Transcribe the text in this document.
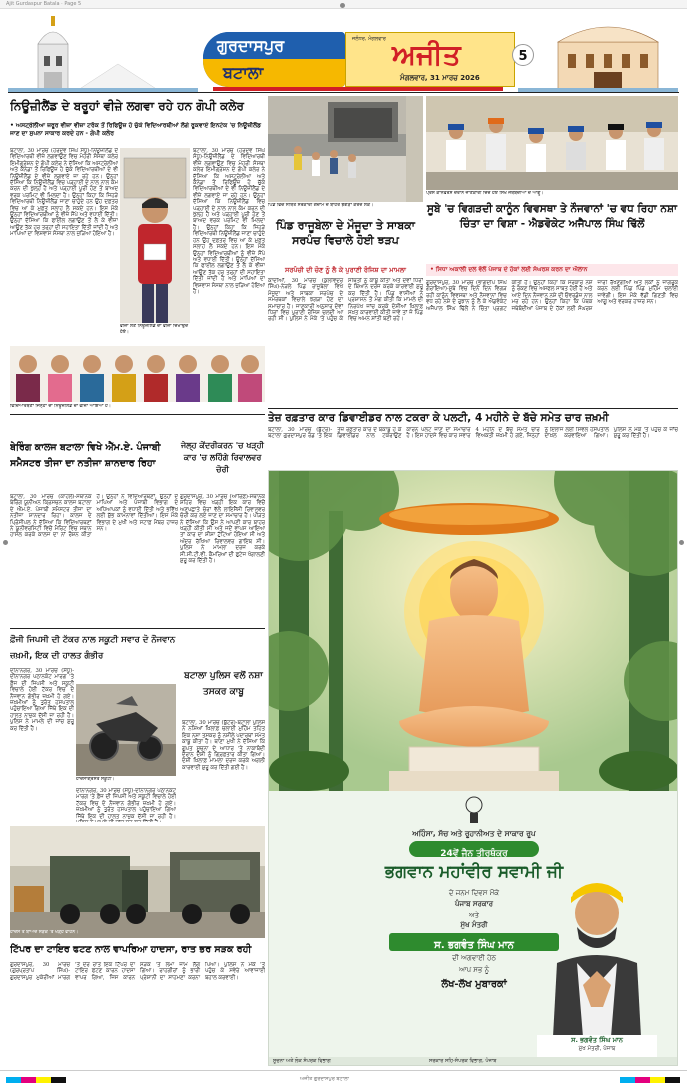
Ajit Gurdaspur Batala · Page 5
ਗੁਰਦਾਸਪੁਰ
ਬਟਾਲਾ
ਜਲੰਧਰ, ਮੰਗਲਵਾਰ ਅਜੀਤ
ਮੰਗਲਵਾਰ, 31 ਮਾਰਚ 2026
5
ਨਿਊਜ਼ੀਲੈਂਡ ਦੇ ਬਰੂਹਾਂ ਵੀਜ਼ੇ ਲਗਵਾ ਰਹੇ ਹਨ ਗੋਪੀ ਕਲੇਰ
• ਅਸਟ੍ਰੇਲੀਆ ਜ਼ਰੂਰ ਵੀਜ਼ਾ ਵੀਜ਼ਾ ਟਰੱਕ ਤੋਂ ਰਿਫਿਊਜ਼ ਹੋ ਚੁੱਕੇ ਵਿਦਿਆਰਥੀਆਂ ਲੱਗੇ ਰੂਕਵਾਏ ਇਨਟੇਕ 'ਚ ਨਿਊਜ਼ੀਲੈਂਡ ਜਾਣ ਦਾ ਸੁਪਨਾ ਸਾਕਾਰ ਕਰਦੇ ਹਨ - ਗੋਪੀ ਕਲੇਰ
ਬਟਾਲਾ, 30 ਮਾਰਚ (ਹਰਦੇਵ ਸਿੰਘ ਸੰਧੂ)-ਨਿਊਜ਼ੀਲੈਂਡ ਦੇ ਵਿਦਿਆਰਥੀ ਵੀਜ਼ੇ ਲਗਵਾਉਣ ਵਿਚ ਮੋਹਰੀ ਸੰਸਥਾ ਕਲੇਰ ਇਮੀਗ੍ਰੇਸ਼ਨ ਦੇ ਗੋਪੀ ਕਲੇਰ ਨੇ ਦੱਸਿਆ ਕਿ ਅਸਟ੍ਰੇਲੀਆ ਅਤੇ ਕੈਨੇਡਾ ਤੋਂ ਰਿਫਿਊਜ਼ ਹੋ ਚੁੱਕੇ ਵਿਦਿਆਰਥੀਆਂ ਦੇ ਵੀ ਨਿਊਜ਼ੀਲੈਂਡ ਦੇ ਵੀਜ਼ੇ ਲਗਵਾਏ ਜਾ ਰਹੇ ਹਨ। ਉਨ੍ਹਾਂ ਦੱਸਿਆ ਕਿ ਨਿਊਜ਼ੀਲੈਂਡ ਵਿਚ ਪੜ੍ਹਾਈ ਦੇ ਨਾਲ ਨਾਲ ਕੰਮ ਕਰਨ ਦੀ ਖੁੱਲ੍ਹ ਹੈ ਅਤੇ ਪੜ੍ਹਾਈ ਪੂਰੀ ਹੋਣ ਤੋਂ ਬਾਅਦ ਵਰਕ ਪਰਮਿਟ ਵੀ ਮਿਲਦਾ ਹੈ। ਉਨ੍ਹਾਂ ਕਿਹਾ ਕਿ ਜਿਹੜੇ ਵਿਦਿਆਰਥੀ ਨਿਊਜ਼ੀਲੈਂਡ ਜਾਣਾ ਚਾਹੁੰਦੇ ਹਨ ਉਹ ਦਫ਼ਤਰ ਵਿਚ ਆ ਕੇ ਮੁਫ਼ਤ ਸਲਾਹ ਲੈ ਸਕਦੇ ਹਨ। ਇਸ ਮੌਕੇ ਉਨ੍ਹਾਂ ਵਿਦਿਆਰਥੀਆਂ ਨੂੰ ਵੀਜ਼ੇ ਸੌਂਪੇ ਅਤੇ ਵਧਾਈ ਦਿੱਤੀ। ਉਨ੍ਹਾਂ ਦੱਸਿਆ ਕਿ ਫਾਈਲ ਲਗਾਉਣ ਤੋਂ ਲੈ ਕੇ ਵੀਜ਼ਾ ਆਉਣ ਤੱਕ ਹਰ ਤਰ੍ਹਾਂ ਦੀ ਸਹਾਇਤਾ ਦਿੱਤੀ ਜਾਂਦੀ ਹੈ ਅਤੇ ਮਾਪਿਆਂ ਦਾ ਵਿਸ਼ਵਾਸ ਸੰਸਥਾ ਨਾਲ ਜੁੜਿਆ ਹੋਇਆ ਹੈ।
ਵੀਜ਼ਾ ਲੈਣ ਨਿਊਜ਼ੀਲੈਂਡ ਦਾ ਵੀਜ਼ਾ ਦਿਖਾਉਂਦੇ ਹੋਏ।
ਬਟਾਲਾ, 30 ਮਾਰਚ (ਹਰਦੇਵ ਸਿੰਘ ਸੰਧੂ)-ਨਿਊਜ਼ੀਲੈਂਡ ਦੇ ਵਿਦਿਆਰਥੀ ਵੀਜ਼ੇ ਲਗਵਾਉਣ ਵਿਚ ਮੋਹਰੀ ਸੰਸਥਾ ਕਲੇਰ ਇਮੀਗ੍ਰੇਸ਼ਨ ਦੇ ਗੋਪੀ ਕਲੇਰ ਨੇ ਦੱਸਿਆ ਕਿ ਅਸਟ੍ਰੇਲੀਆ ਅਤੇ ਕੈਨੇਡਾ ਤੋਂ ਰਿਫਿਊਜ਼ ਹੋ ਚੁੱਕੇ ਵਿਦਿਆਰਥੀਆਂ ਦੇ ਵੀ ਨਿਊਜ਼ੀਲੈਂਡ ਦੇ ਵੀਜ਼ੇ ਲਗਵਾਏ ਜਾ ਰਹੇ ਹਨ। ਉਨ੍ਹਾਂ ਦੱਸਿਆ ਕਿ ਨਿਊਜ਼ੀਲੈਂਡ ਵਿਚ ਪੜ੍ਹਾਈ ਦੇ ਨਾਲ ਨਾਲ ਕੰਮ ਕਰਨ ਦੀ ਖੁੱਲ੍ਹ ਹੈ ਅਤੇ ਪੜ੍ਹਾਈ ਪੂਰੀ ਹੋਣ ਤੋਂ ਬਾਅਦ ਵਰਕ ਪਰਮਿਟ ਵੀ ਮਿਲਦਾ ਹੈ। ਉਨ੍ਹਾਂ ਕਿਹਾ ਕਿ ਜਿਹੜੇ ਵਿਦਿਆਰਥੀ ਨਿਊਜ਼ੀਲੈਂਡ ਜਾਣਾ ਚਾਹੁੰਦੇ ਹਨ ਉਹ ਦਫ਼ਤਰ ਵਿਚ ਆ ਕੇ ਮੁਫ਼ਤ ਸਲਾਹ ਲੈ ਸਕਦੇ ਹਨ। ਇਸ ਮੌਕੇ ਉਨ੍ਹਾਂ ਵਿਦਿਆਰਥੀਆਂ ਨੂੰ ਵੀਜ਼ੇ ਸੌਂਪੇ ਅਤੇ ਵਧਾਈ ਦਿੱਤੀ। ਉਨ੍ਹਾਂ ਦੱਸਿਆ ਕਿ ਫਾਈਲ ਲਗਾਉਣ ਤੋਂ ਲੈ ਕੇ ਵੀਜ਼ਾ ਆਉਣ ਤੱਕ ਹਰ ਤਰ੍ਹਾਂ ਦੀ ਸਹਾਇਤਾ ਦਿੱਤੀ ਜਾਂਦੀ ਹੈ ਅਤੇ ਮਾਪਿਆਂ ਦਾ ਵਿਸ਼ਵਾਸ ਸੰਸਥਾ ਨਾਲ ਜੁੜਿਆ ਹੋਇਆ ਹੈ।
ਵਿਦਿਆਰਥਣਾਂ ਜਿਨ੍ਹਾਂ ਦਾ ਨਿਊਜ਼ੀਲੈਂਡ ਦਾ ਵੀਜ਼ਾ ਆਇਆ ਹੈ।
ਪਿੰਡ ਵਿਚ ਸਥਿਤ ਸਰਕਾਰੀ ਗੋਦਾਮ ਦੇ ਬਾਹਰ ਝਗੜਾ ਕਰਦੇ ਲੋਕ।
ਪਿੰਡ ਰਾਜੂਬੇਲਾ ਦੇ ਮੌਜੂਦਾ ਤੇ ਸਾਬਕਾ ਸਰਪੰਚ ਵਿਚਾਲੇ ਹੋਈ ਝੜਪ
ਸਰਪੰਚੀ ਦੀ ਚੋਣ ਨੂੰ ਲੈ ਕੇ ਪੁਰਾਣੀ ਰੰਜਿਸ਼ ਦਾ ਮਾਮਲਾ
ਕਾਦੀਆਂ, 30 ਮਾਰਚ (ਕੁਲਵਿੰਦਰ ਸਿੰਘ)-ਨੇੜਲੇ ਪਿੰਡ ਰਾਜੂਬੇਲਾ ਵਿਖੇ ਮੌਜੂਦਾ ਅਤੇ ਸਾਬਕਾ ਸਰਪੰਚ ਦੇ ਸਮਰਥਕਾਂ ਵਿਚਾਲੇ ਝਗੜਾ ਹੋਣ ਦਾ ਸਮਾਚਾਰ ਹੈ। ਜਾਣਕਾਰੀ ਅਨੁਸਾਰ ਦੋਵਾਂ ਧਿਰਾਂ ਵਿਚ ਪੁਰਾਣੀ ਰੰਜਿਸ਼ ਚਲਦੀ ਆ ਰਹੀ ਸੀ। ਪੁਲਿਸ ਨੇ ਮੌਕੇ 'ਤੇ ਪਹੁੰਚ ਕੇ ਸਥਿਤੀ ਨੂੰ ਕਾਬੂ ਕੀਤਾ ਅਤੇ ਦੋਵਾਂ ਧਿਰਾਂ ਦੇ ਬਿਆਨ ਦਰਜ ਕਰਕੇ ਕਾਰਵਾਈ ਸ਼ੁਰੂ ਕਰ ਦਿੱਤੀ ਹੈ। ਪਿੰਡ ਵਾਸੀਆਂ ਨੇ ਪ੍ਰਸ਼ਾਸਨ ਤੋਂ ਮੰਗ ਕੀਤੀ ਕਿ ਮਾਮਲੇ ਦੀ ਨਿਰਪੱਖ ਜਾਂਚ ਕਰਕੇ ਦੋਸ਼ੀਆਂ ਖ਼ਿਲਾਫ਼ ਸਖ਼ਤ ਕਾਰਵਾਈ ਕੀਤੀ ਜਾਵੇ ਤਾਂ ਜੋ ਪਿੰਡ ਵਿਚ ਅਮਨ ਸ਼ਾਂਤੀ ਬਣੀ ਰਹੇ।
ਪ੍ਰੈੱਸ ਕਾਨਫਰੰਸ ਦੌਰਾਨ ਜਾਣਕਾਰੀ ਦਿੰਦੇ ਹੋਏ ਸਿੱਖ ਜਥੇਬੰਦੀਆਂ ਦੇ ਆਗੂ।
ਸੂਬੇ 'ਚ ਵਿਗੜਦੀ ਕਾਨੂੰਨ ਵਿਵਸਥਾ ਤੇ ਨੌਜਵਾਨਾਂ 'ਚ ਵਧ ਰਿਹਾ ਨਸ਼ਾ ਚਿੰਤਾ ਦਾ ਵਿਸ਼ਾ - ਐਡਵੋਕੇਟ ਅਜੈਪਾਲ ਸਿੰਘ ਢਿੱਲੋਂ
• ਸਿਧਾ ਅਕਾਲੀ ਦਲ ਵੱਲੋਂ ਪੰਜਾਬ ਦੇ ਹੱਕਾਂ ਲਈ ਸੰਘਰਸ਼ ਕਰਨ ਦਾ ਐਲਾਨ
ਗੁਰਦਾਸਪੁਰ, 30 ਮਾਰਚ (ਭਾਗਦੀਪ ਸਿੰਘ ਗੋਰਾਇਆ)-ਸੂਬੇ ਵਿਚ ਦਿਨੋਂ ਦਿਨ ਵਿਗੜ ਰਹੀ ਕਾਨੂੰਨ ਵਿਵਸਥਾ ਅਤੇ ਨੌਜਵਾਨਾਂ ਵਿਚ ਵਧ ਰਹੇ ਨਸ਼ੇ ਦੇ ਰੁਝਾਨ ਨੂੰ ਲੈ ਕੇ ਐਡਵੋਕੇਟ ਅਜੈਪਾਲ ਸਿੰਘ ਢਿੱਲੋਂ ਨੇ ਚਿੰਤਾ ਪ੍ਰਗਟ ਕੀਤੀ ਹੈ। ਉਨ੍ਹਾਂ ਕਿਹਾ ਕਿ ਸਰਕਾਰ ਨਸ਼ੇ ਨੂੰ ਰੋਕਣ ਵਿਚ ਅਸਫਲ ਸਾਬਤ ਹੋਈ ਹੈ ਅਤੇ ਆਏ ਦਿਨ ਨੌਜਵਾਨ ਨਸ਼ੇ ਦੀ ਓਵਰਡੋਜ਼ ਨਾਲ ਮਰ ਰਹੇ ਹਨ। ਉਨ੍ਹਾਂ ਕਿਹਾ ਕਿ ਪੰਥਕ ਜਥੇਬੰਦੀਆਂ ਪੰਜਾਬ ਦੇ ਹੱਕਾਂ ਲਈ ਸੰਘਰਸ਼ ਜਾਰੀ ਰੱਖਣਗੀਆਂ ਅਤੇ ਲੋਕਾਂ ਨੂੰ ਜਾਗਰੂਕ ਕਰਨ ਲਈ ਪਿੰਡ ਪਿੰਡ ਮੁਹਿੰਮ ਚਲਾਈ ਜਾਵੇਗੀ। ਇਸ ਮੌਕੇ ਵੱਡੀ ਗਿਣਤੀ ਵਿਚ ਆਗੂ ਅਤੇ ਵਰਕਰ ਹਾਜ਼ਰ ਸਨ।
ਤੇਜ਼ ਰਫ਼ਤਾਰ ਕਾਰ ਡਿਵਾਈਡਰ ਨਾਲ ਟਕਰਾ ਕੇ ਪਲਟੀ, 4 ਮਹੀਨੇ ਦੇ ਬੱਚੇ ਸਮੇਤ ਚਾਰ ਜ਼ਖ਼ਮੀ
ਬਟਾਲਾ, 30 ਮਾਰਚ (ਬੁੱਟਰ)-ਬਟਾਲਾ ਗੁਰਦਾਸਪੁਰ ਰੋਡ 'ਤੇ ਇਕ ਤੇਜ਼ ਰਫ਼ਤਾਰ ਕਾਰ ਦੇ ਬੇਕਾਬੂ ਹੋ ਕੇ ਡਿਵਾਈਡਰ ਨਾਲ ਟਕਰਾਉਣ ਕਾਰਨ ਪਲਟ ਜਾਣ ਦਾ ਸਮਾਚਾਰ ਹੈ। ਇਸ ਹਾਦਸੇ ਵਿਚ ਕਾਰ ਸਵਾਰ 4 ਮਹੀਨੇ ਦੇ ਬੱਚੇ ਸਮੇਤ ਚਾਰ ਵਿਅਕਤੀ ਜ਼ਖ਼ਮੀ ਹੋ ਗਏ, ਜਿਨ੍ਹਾਂ ਨੂੰ ਇਲਾਜ ਲਈ ਸਿਵਲ ਹਸਪਤਾਲ ਦਾਖ਼ਲ ਕਰਵਾਇਆ ਗਿਆ। ਪੁਲਿਸ ਨੇ ਮੌਕੇ 'ਤੇ ਪਹੁੰਚ ਕੇ ਜਾਂਚ ਸ਼ੁਰੂ ਕਰ ਦਿੱਤੀ ਹੈ।
ਬੇਰਿੰਗ ਕਾਲਜ ਬਟਾਲਾ ਵਿਖੇ ਐੱਮ.ਏ. ਪੰਜਾਬੀ ਸਮੈਸਟਰ ਤੀਜਾ ਦਾ ਨਤੀਜਾ ਸ਼ਾਨਦਾਰ ਰਿਹਾ
ਬਟਾਲਾ, 30 ਮਾਰਚ (ਕਾਹਲੋਂ)-ਸਥਾਨਕ ਬੇਰਿੰਗ ਯੂਨੀਅਨ ਕ੍ਰਿਸਚਨ ਕਾਲਜ ਬਟਾਲਾ ਦੇ ਐੱਮ.ਏ. ਪੰਜਾਬੀ ਸਮੈਸਟਰ ਤੀਜਾ ਦਾ ਨਤੀਜਾ ਸ਼ਾਨਦਾਰ ਰਿਹਾ। ਕਾਲਜ ਦੇ ਪ੍ਰਿੰਸੀਪਲ ਨੇ ਦੱਸਿਆ ਕਿ ਵਿਦਿਆਰਥਣਾਂ ਨੇ ਯੂਨੀਵਰਸਿਟੀ ਵਿਚੋਂ ਮੈਰਿਟ ਵਿਚ ਸਥਾਨ ਹਾਸਲ ਕਰਕੇ ਕਾਲਜ ਦਾ ਨਾਂ ਰੌਸ਼ਨ ਕੀਤਾ ਹੈ। ਉਨ੍ਹਾਂ ਨੇ ਵਿਦਿਆਰਥਣਾਂ, ਉਨ੍ਹਾਂ ਦੇ ਮਾਪਿਆਂ ਅਤੇ ਪੰਜਾਬੀ ਵਿਭਾਗ ਦੇ ਅਧਿਆਪਕਾਂ ਨੂੰ ਵਧਾਈ ਦਿੱਤੀ ਅਤੇ ਭਵਿੱਖ ਲਈ ਸ਼ੁੱਭ ਕਾਮਨਾਵਾਂ ਦਿੱਤੀਆਂ। ਇਸ ਮੌਕੇ ਵਿਭਾਗ ਦੇ ਮੁਖੀ ਅਤੇ ਸਟਾਫ਼ ਮੈਂਬਰ ਹਾਜ਼ਰ ਸਨ।
ਜੇਲ੍ਹ ਕੇਂਦਰੀਕਰਨ 'ਚ ਖੜ੍ਹੀ ਕਾਰ 'ਚ ਲਹਿੰਗੇ ਰਿਵਾਲਵਰ ਚੋਰੀ
ਗੁਰਦਾਸਪੁਰ, 30 ਮਾਰਚ (ਆਰਿਫ਼)-ਸਥਾਨਕ ਸ਼ਹਿਰ ਵਿਚ ਖੜ੍ਹੀ ਇਕ ਕਾਰ ਵਿਚੋਂ ਅਣਪਛਾਤੇ ਚੋਰਾਂ ਵੱਲੋਂ ਲਾਇਸੈਂਸੀ ਰਿਵਾਲਵਰ ਚੋਰੀ ਕਰ ਲਏ ਜਾਣ ਦਾ ਸਮਾਚਾਰ ਹੈ। ਪੀੜਤ ਨੇ ਦੱਸਿਆ ਕਿ ਉਸ ਨੇ ਆਪਣੀ ਕਾਰ ਬਾਹਰ ਖੜ੍ਹੀ ਕੀਤੀ ਸੀ ਅਤੇ ਜਦੋਂ ਵਾਪਸ ਆਇਆ ਤਾਂ ਕਾਰ ਦਾ ਸ਼ੀਸ਼ਾ ਟੁੱਟਿਆ ਹੋਇਆ ਸੀ ਅਤੇ ਅੰਦਰ ਰੱਖਿਆ ਰਿਵਾਲਵਰ ਗਾਇਬ ਸੀ। ਪੁਲਿਸ ਨੇ ਮਾਮਲਾ ਦਰਜ ਕਰਕੇ ਸੀ.ਸੀ.ਟੀ.ਵੀ. ਕੈਮਰਿਆਂ ਦੀ ਫੁਟੇਜ ਖੰਗਾਲਣੀ ਸ਼ੁਰੂ ਕਰ ਦਿੱਤੀ ਹੈ।
ਫ਼ੌਜੀ ਜਿਪਸੀ ਦੀ ਟੱਕਰ ਨਾਲ ਸਕੂਟੀ ਸਵਾਰ ਦੋ ਨੌਜਵਾਨ ਜ਼ਖ਼ਮੀ, ਇਕ ਦੀ ਹਾਲਤ ਗੰਭੀਰ
ਦੀਨਾਨਗਰ, 30 ਮਾਰਚ (ਸੰਧੂ)-ਦੀਨਾਨਗਰ ਪਠਾਨਕੋਟ ਮਾਰਗ 'ਤੇ ਫ਼ੌਜ ਦੀ ਜਿਪਸੀ ਅਤੇ ਸਕੂਟੀ ਵਿਚਾਲੇ ਹੋਈ ਟੱਕਰ ਵਿਚ ਦੋ ਨੌਜਵਾਨ ਗੰਭੀਰ ਜ਼ਖ਼ਮੀ ਹੋ ਗਏ। ਜ਼ਖ਼ਮੀਆਂ ਨੂੰ ਤੁਰੰਤ ਹਸਪਤਾਲ ਪਹੁੰਚਾਇਆ ਗਿਆ ਜਿੱਥੇ ਇਕ ਦੀ ਹਾਲਤ ਨਾਜ਼ੁਕ ਦੱਸੀ ਜਾ ਰਹੀ ਹੈ। ਪੁਲਿਸ ਨੇ ਮਾਮਲੇ ਦੀ ਜਾਂਚ ਸ਼ੁਰੂ ਕਰ ਦਿੱਤੀ ਹੈ।
ਹਾਦਸਾਗ੍ਰਸਤ ਸਕੂਟੀ।
ਦੀਨਾਨਗਰ, 30 ਮਾਰਚ (ਸੰਧੂ)-ਦੀਨਾਨਗਰ ਪਠਾਨਕੋਟ ਮਾਰਗ 'ਤੇ ਫ਼ੌਜ ਦੀ ਜਿਪਸੀ ਅਤੇ ਸਕੂਟੀ ਵਿਚਾਲੇ ਹੋਈ ਟੱਕਰ ਵਿਚ ਦੋ ਨੌਜਵਾਨ ਗੰਭੀਰ ਜ਼ਖ਼ਮੀ ਹੋ ਗਏ। ਜ਼ਖ਼ਮੀਆਂ ਨੂੰ ਤੁਰੰਤ ਹਸਪਤਾਲ ਪਹੁੰਚਾਇਆ ਗਿਆ ਜਿੱਥੇ ਇਕ ਦੀ ਹਾਲਤ ਨਾਜ਼ੁਕ ਦੱਸੀ ਜਾ ਰਹੀ ਹੈ।
ਬਟਾਲਾ ਪੁਲਿਸ ਵਲੋਂ ਨਸ਼ਾ ਤਸਕਰ ਕਾਬੂ
ਬਟਾਲਾ, 30 ਮਾਰਚ (ਬੁੱਟਰ)-ਬਟਾਲਾ ਪੁਲਿਸ ਨੇ ਨਸ਼ਿਆਂ ਖ਼ਿਲਾਫ਼ ਚਲਾਈ ਮੁਹਿੰਮ ਤਹਿਤ ਇਕ ਨਸ਼ਾ ਤਸਕਰ ਨੂੰ ਨਸ਼ੀਲੇ ਪਦਾਰਥਾਂ ਸਮੇਤ ਕਾਬੂ ਕੀਤਾ ਹੈ। ਥਾਣਾ ਮੁਖੀ ਨੇ ਦੱਸਿਆ ਕਿ ਗੁਪਤ ਸੂਚਨਾ ਦੇ ਆਧਾਰ 'ਤੇ ਨਾਕਾਬੰਦੀ ਦੌਰਾਨ ਦੋਸ਼ੀ ਨੂੰ ਗ੍ਰਿਫ਼ਤਾਰ ਕੀਤਾ ਗਿਆ। ਦੋਸ਼ੀ ਖ਼ਿਲਾਫ਼ ਮਾਮਲਾ ਦਰਜ ਕਰਕੇ ਅਗਲੀ ਕਾਰਵਾਈ ਸ਼ੁਰੂ ਕਰ ਦਿੱਤੀ ਗਈ ਹੈ।
ਹਾਦਸੇ ਤੋਂ ਬਾਅਦ ਸੜਕ 'ਤੇ ਖੜ੍ਹੇ ਵਾਹਨ।
ਟਿੱਪਰ ਦਾ ਟਾਇਰ ਫਟਣ ਨਾਲ ਵਾਪਰਿਆ ਹਾਦਸਾ, ਰਾਤ ਭਰ ਸੜਕ ਰਹੀ
ਗੁਰਦਾਸਪੁਰ, 30 ਮਾਰਚ (ਗੁਰਪ੍ਰਤਾਪ ਸਿੰਘ)-ਗੁਰਦਾਸਪੁਰ ਮੁਕੇਰੀਆਂ ਮਾਰਗ 'ਤੇ ਦੇਰ ਰਾਤ ਇਕ ਟਿੱਪਰ ਦਾ ਟਾਇਰ ਫਟਣ ਕਾਰਨ ਹਾਦਸਾ ਵਾਪਰ ਗਿਆ, ਜਿਸ ਕਾਰਨ ਸੜਕ 'ਤੇ ਲੰਮਾ ਜਾਮ ਲੱਗ ਗਿਆ। ਰਾਹਗੀਰਾਂ ਨੂੰ ਭਾਰੀ ਪ੍ਰੇਸ਼ਾਨੀ ਦਾ ਸਾਹਮਣਾ ਕਰਨਾ ਪਿਆ। ਪੁਲਿਸ ਨੇ ਮੌਕੇ 'ਤੇ ਪਹੁੰਚ ਕੇ ਸਵੇਰੇ ਆਵਾਜਾਈ ਬਹਾਲ ਕਰਵਾਈ।
ਅਹਿੰਸਾ, ਸੱਚ ਅਤੇ ਰੂਹਾਨੀਅਤ ਦੇ ਸਾਕਾਰ ਰੂਪ
24ਵੇਂ ਜੈਨ ਤੀਰਥੰਕਰ
ਭਗਵਾਨ ਮਹਾਂਵੀਰ ਸਵਾਮੀ ਜੀ
ਦੇ ਜਨਮ ਦਿਵਸ ਮੌਕੇ
ਪੰਜਾਬ ਸਰਕਾਰ
ਅਤੇ
ਮੁੱਖ ਮੰਤਰੀ
ਸ. ਭਗਵੰਤ ਸਿੰਘ ਮਾਨ
ਦੀ ਅਗਵਾਈ ਹੇਠ
ਆਪ ਸਭ ਨੂੰ
ਲੱਖ-ਲੱਖ ਮੁਬਾਰਕਾਂ
ਸ. ਭਗਵੰਤ ਸਿੰਘ ਮਾਨ
ਮੁੱਖ ਮੰਤਰੀ, ਪੰਜਾਬ
ਸੂਚਨਾ ਅਤੇ ਲੋਕ ਸੰਪਰਕ ਵਿਭਾਗ	ਸਰਕਾਰ ਸਹਿ-ਸੰਪਰਕ ਵਿਭਾਗ, ਪੰਜਾਬ
ਅਜੀਤ ਗੁਰਦਾਸਪੁਰ ਬਟਾਲਾ
